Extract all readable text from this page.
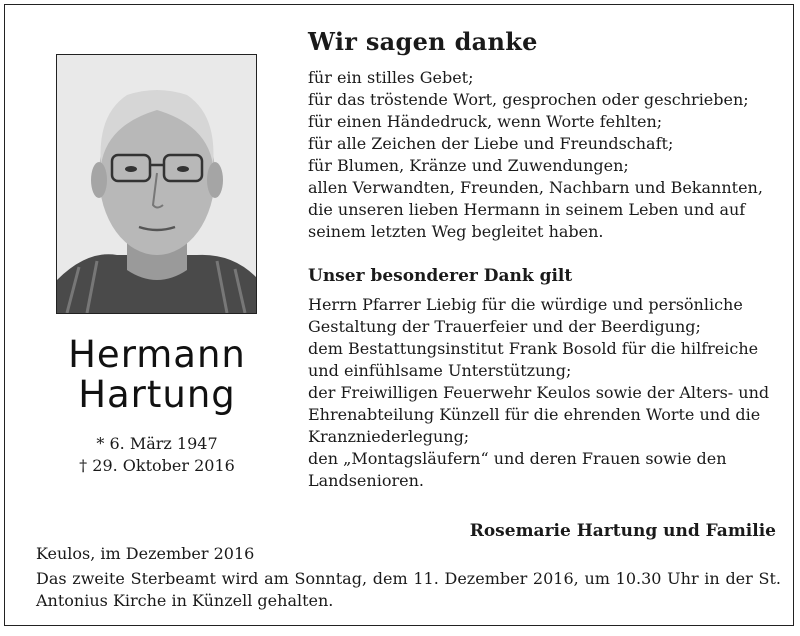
Hermann
Hartung
* 6. März 1947
† 29. Oktober 2016
Wir sagen danke
für ein stilles Gebet;
für das tröstende Wort, gesprochen oder geschrieben;
für einen Händedruck, wenn Worte fehlten;
für alle Zeichen der Liebe und Freundschaft;
für Blumen, Kränze und Zuwendungen;
allen Verwandten, Freunden, Nachbarn und Bekannten,
die unseren lieben Hermann in seinem Leben und auf
seinem letzten Weg begleitet haben.
Unser besonderer Dank gilt
Herrn Pfarrer Liebig für die würdige und persönliche
Gestaltung der Trauerfeier und der Beerdigung;
dem Bestattungsinstitut Frank Bosold für die hilfreiche
und einfühlsame Unterstützung;
der Freiwilligen Feuerwehr Keulos sowie der Alters- und
Ehrenabteilung Künzell für die ehrenden Worte und die
Kranzniederlegung;
den „Montagsläufern“ und deren Frauen sowie den
Landsenioren.
Rosemarie Hartung und Familie
Keulos, im Dezember 2016
Das zweite Sterbeamt wird am Sonntag, dem 11. Dezember 2016, um 10.30 Uhr in der St. Antonius Kirche in Künzell gehalten.
